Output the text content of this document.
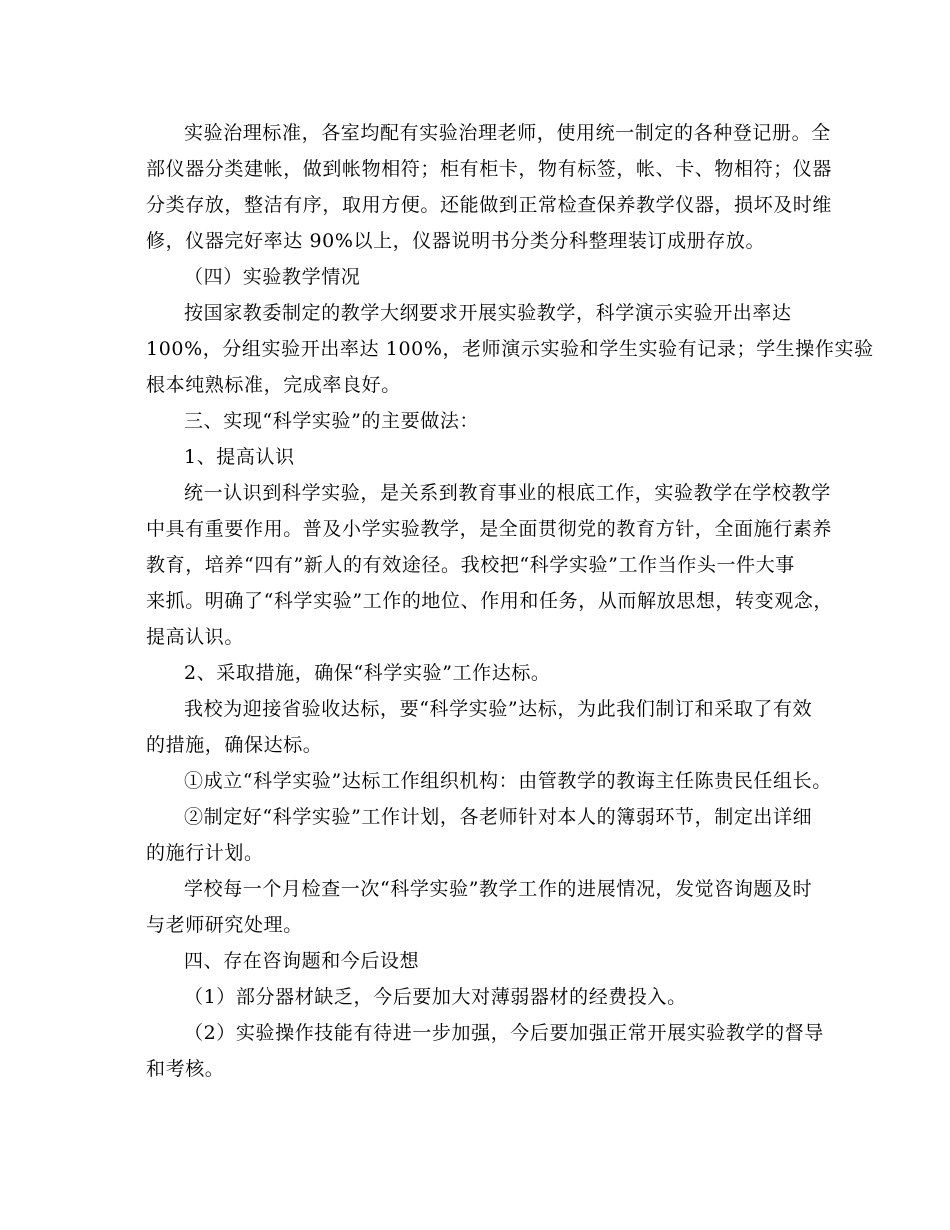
实验治理标准，各室均配有实验治理老师，使用统一制定的各种登记册。全
部仪器分类建帐，做到帐物相符；柜有柜卡，物有标签，帐、卡、物相符；仪器
分类存放，整洁有序，取用方便。还能做到正常检查保养教学仪器，损坏及时维
修，仪器完好率达 90%以上，仪器说明书分类分科整理装订成册存放。
（四）实验教学情况
按国家教委制定的教学大纲要求开展实验教学，科学演示实验开出率达
100%，分组实验开出率达 100%，老师演示实验和学生实验有记录；学生操作实验
根本纯熟标准，完成率良好。
三、实现“科学实验”的主要做法：
1、提高认识
统一认识到科学实验，是关系到教育事业的根底工作，实验教学在学校教学
中具有重要作用。普及小学实验教学，是全面贯彻党的教育方针，全面施行素养
教育，培养“四有”新人的有效途径。我校把“科学实验”工作当作头一件大事
来抓。明确了“科学实验”工作的地位、作用和任务，从而解放思想，转变观念，
提高认识。
2、采取措施，确保“科学实验”工作达标。
我校为迎接省验收达标，要“科学实验”达标，为此我们制订和采取了有效
的措施，确保达标。
①成立“科学实验”达标工作组织机构：由管教学的教诲主任陈贵民任组长。
②制定好“科学实验”工作计划，各老师针对本人的簿弱环节，制定出详细
的施行计划。
学校每一个月检查一次“科学实验”教学工作的进展情况，发觉咨询题及时
与老师研究处理。
四、存在咨询题和今后设想
（1）部分器材缺乏，今后要加大对薄弱器材的经费投入。
（2）实验操作技能有待进一步加强，今后要加强正常开展实验教学的督导
和考核。
